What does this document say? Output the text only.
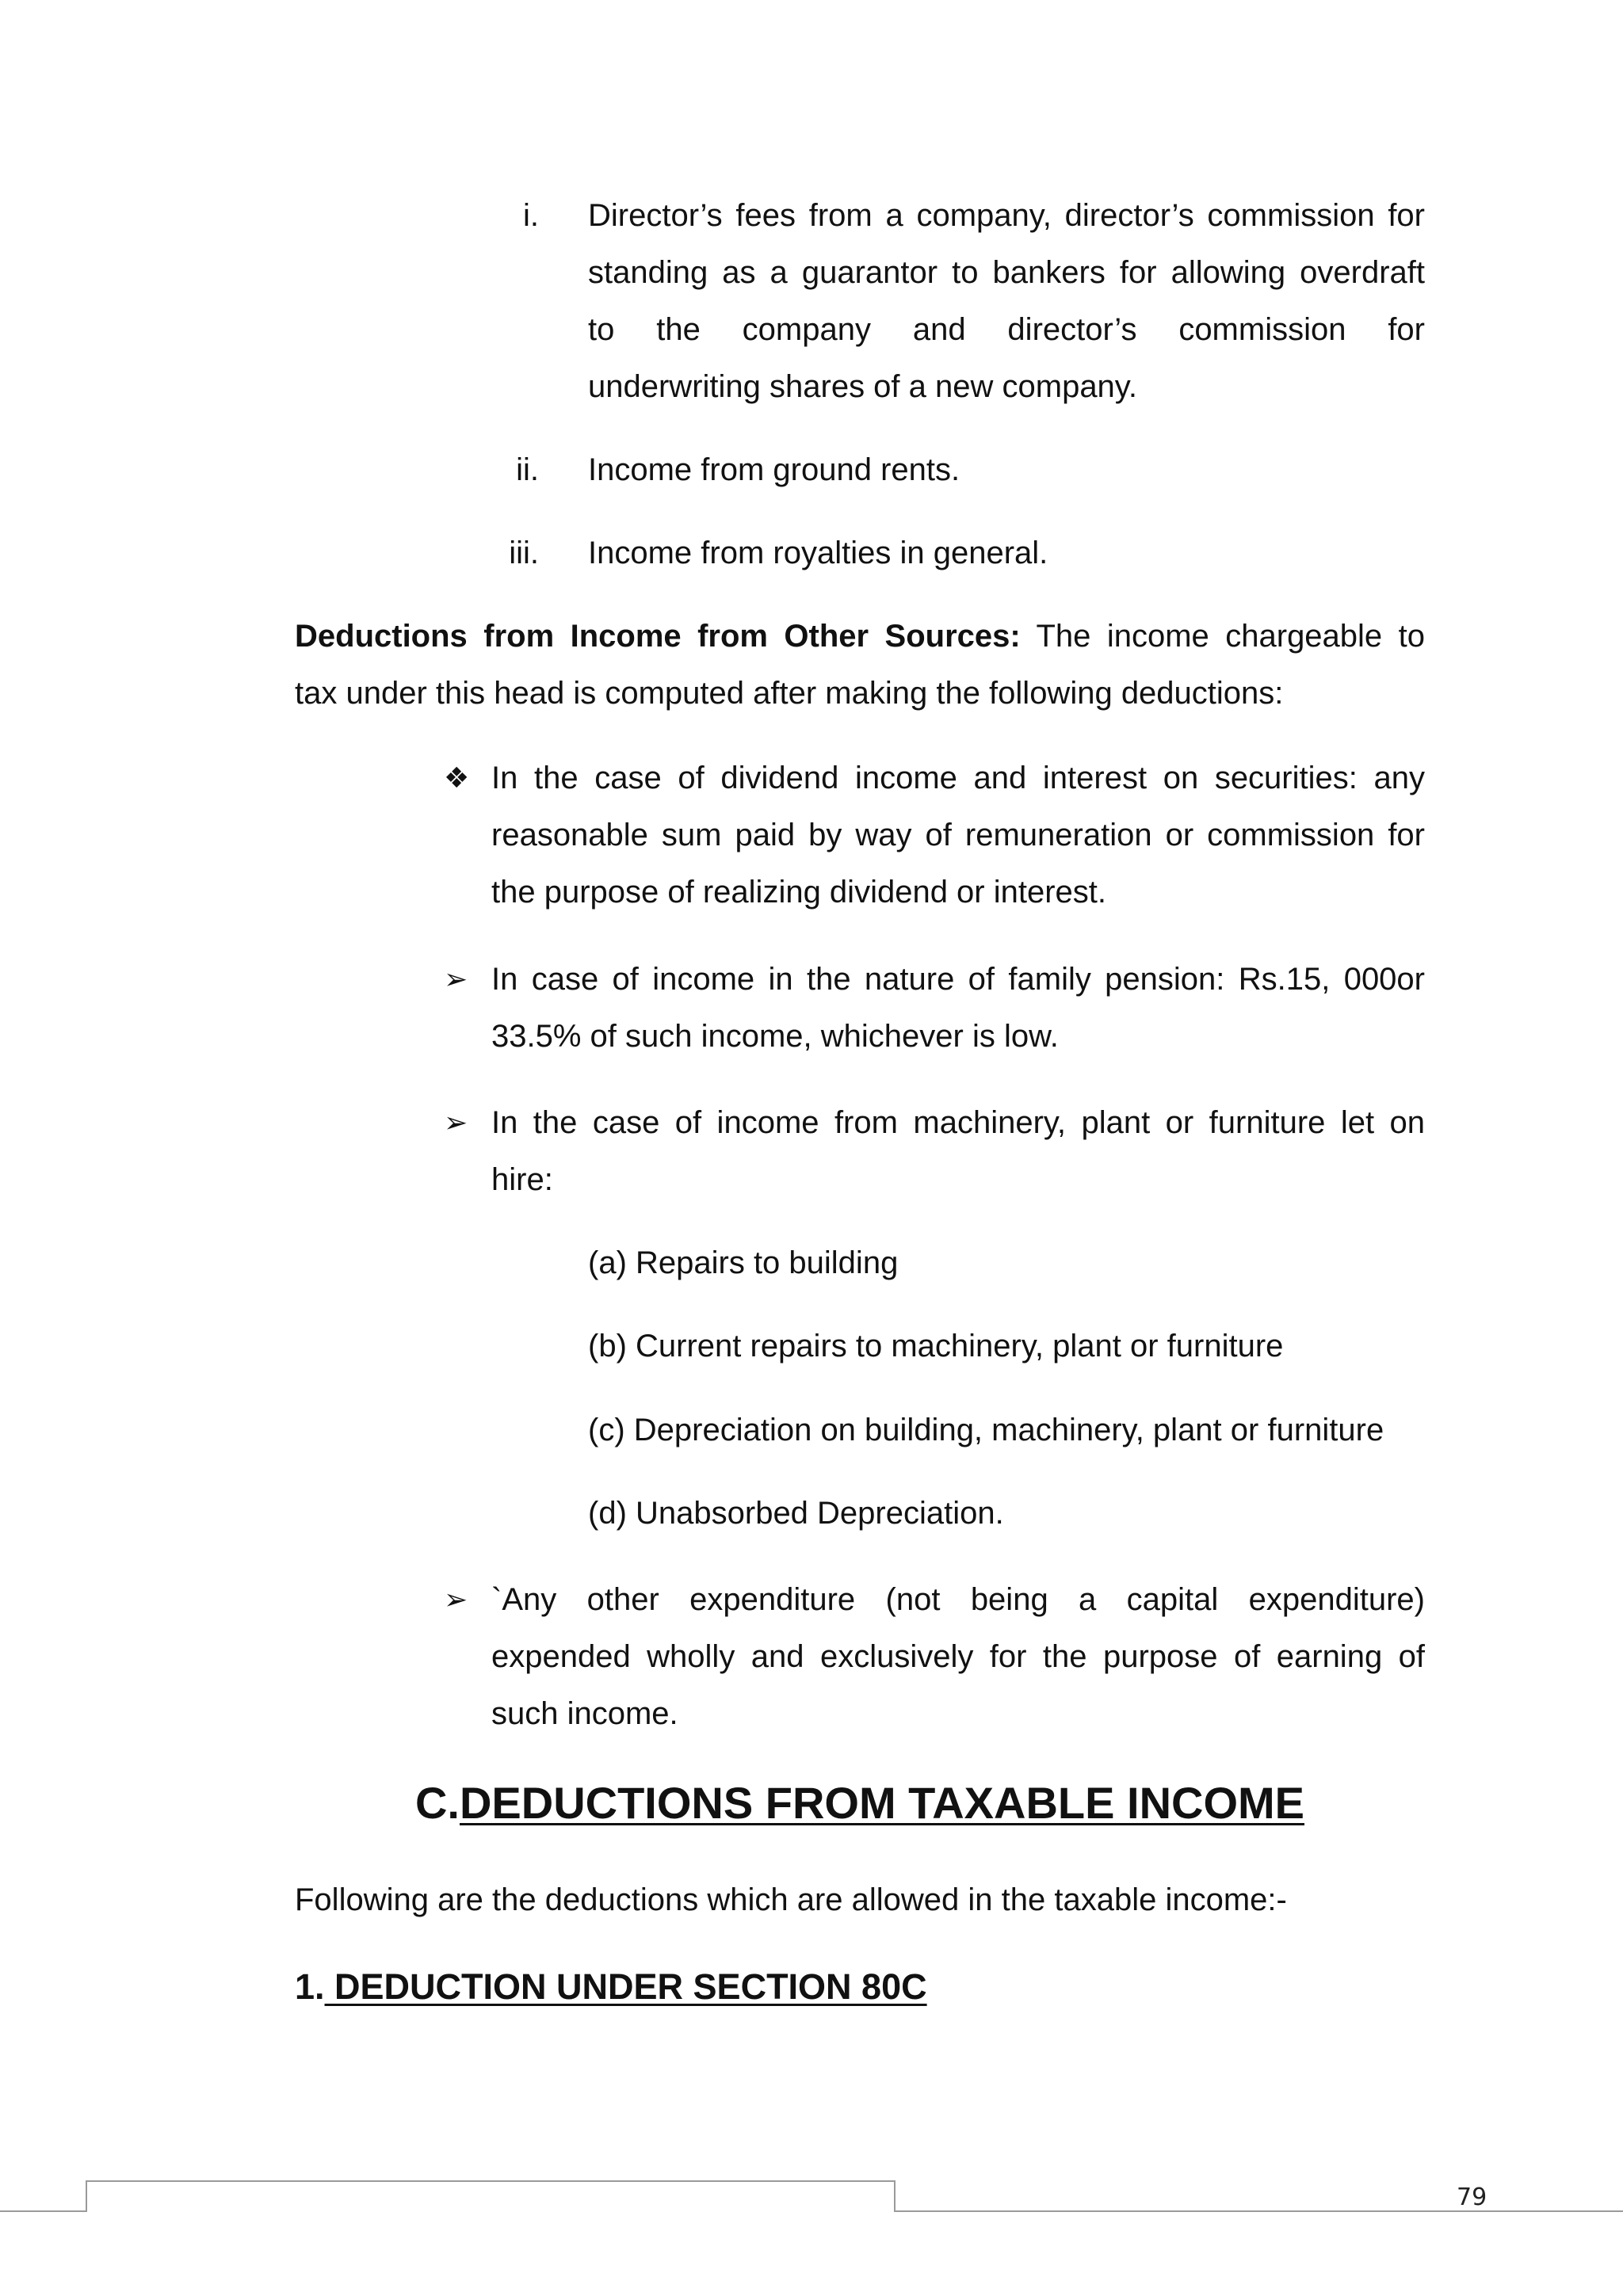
i. Director’s fees from a company, director’s commission for
standing as a guarantor to bankers for allowing overdraft
to the company and director’s commission for
underwriting shares of a new company.
ii. Income from ground rents.
iii. Income from royalties in general.
Deductions from Income from Other Sources: The income chargeable to
tax under this head is computed after making the following deductions:
❖ In the case of dividend income and interest on securities: any
reasonable sum paid by way of remuneration or commission for
the purpose of realizing dividend or interest.
➢ In case of income in the nature of family pension: Rs.15, 000or
33.5% of such income, whichever is low.
➢ In the case of income from machinery, plant or furniture let on
hire:
(a) Repairs to building
(b) Current repairs to machinery, plant or furniture
(c) Depreciation on building, machinery, plant or furniture
(d) Unabsorbed Depreciation.
➢ `Any other expenditure (not being a capital expenditure)
expended wholly and exclusively for the purpose of earning of
such income.
C.DEDUCTIONS FROM TAXABLE INCOME
Following are the deductions which are allowed in the taxable income:-
1. DEDUCTION UNDER SECTION 80C
79
